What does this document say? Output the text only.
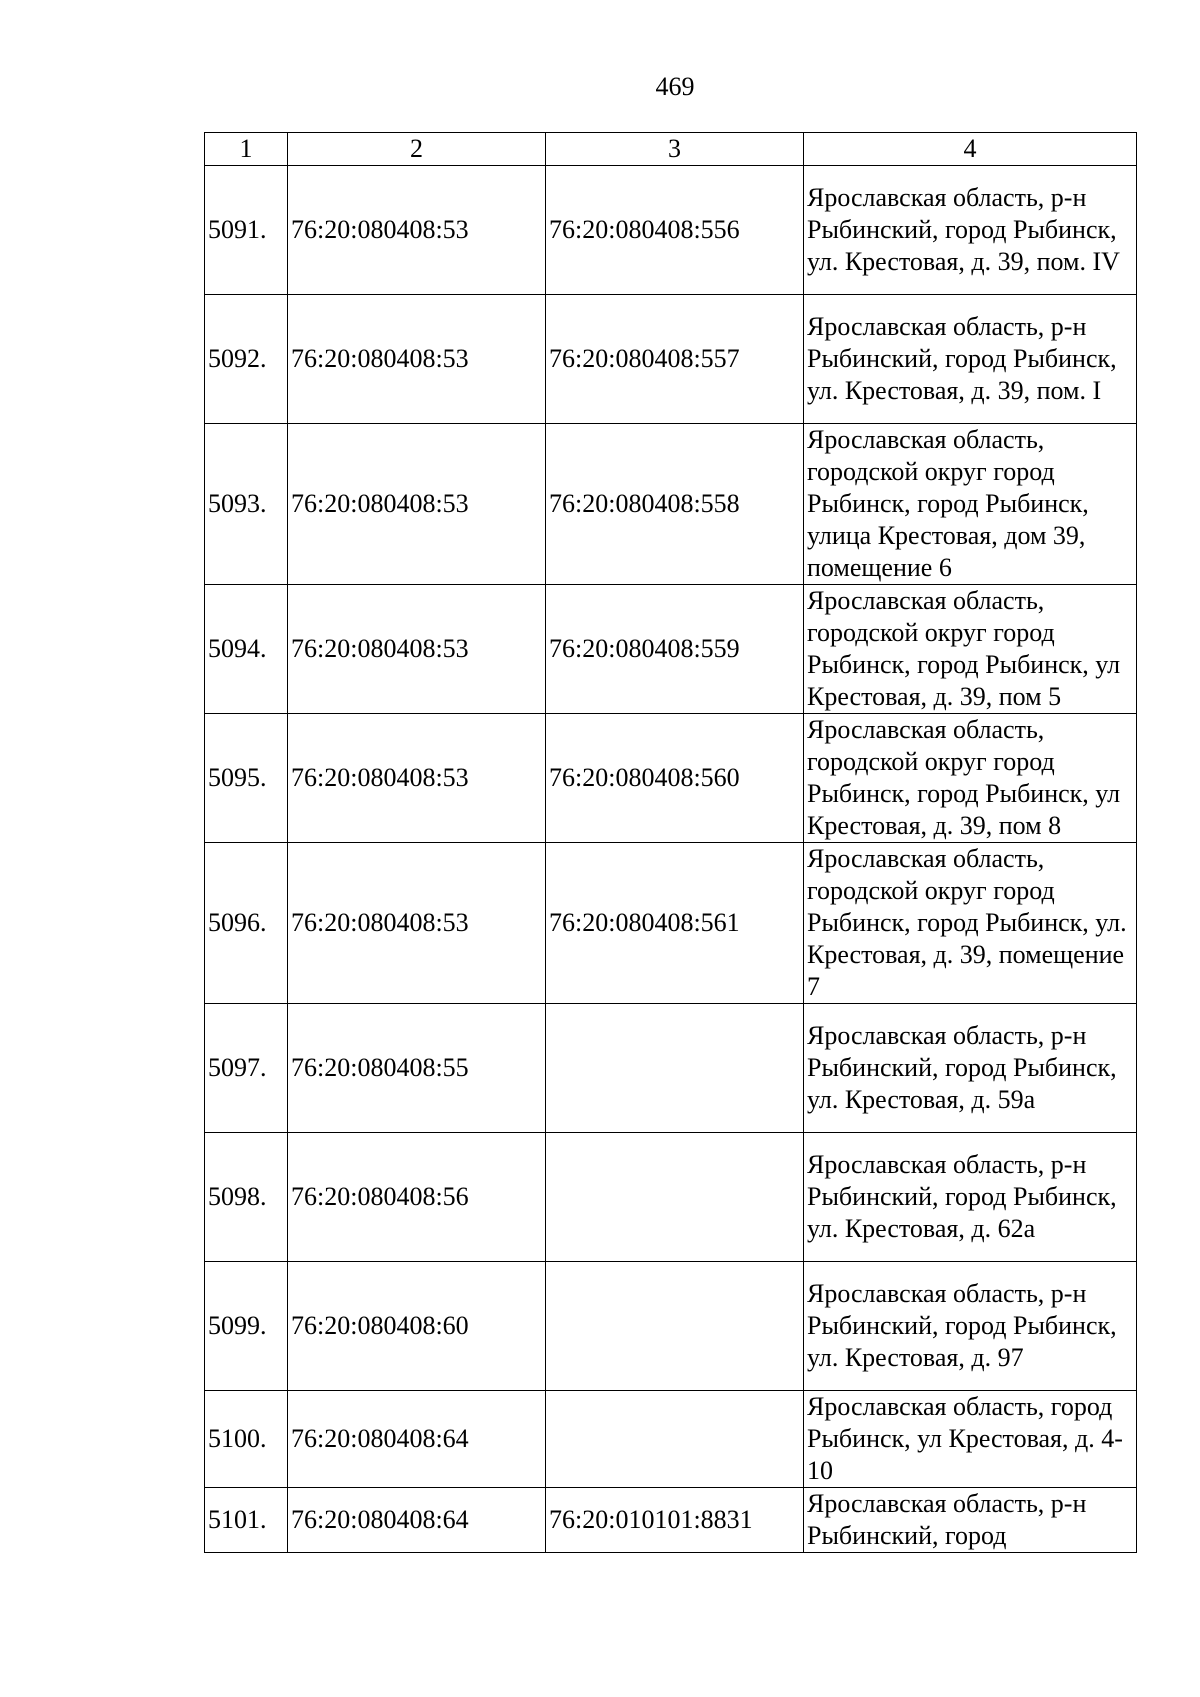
469
1	2	3	4
5091.	76:20:080408:53	76:20:080408:556	Ярославская область, р-н Рыбинский, город Рыбинск, ул. Крестовая, д. 39, пом. IV
5092.	76:20:080408:53	76:20:080408:557	Ярославская область, р-н Рыбинский, город Рыбинск, ул. Крестовая, д. 39, пом. I
5093.	76:20:080408:53	76:20:080408:558	Ярославская область, городской округ город Рыбинск, город Рыбинск, улица Крестовая, дом 39, помещение 6
5094.	76:20:080408:53	76:20:080408:559	Ярославская область, городской округ город Рыбинск, город Рыбинск, ул Крестовая, д. 39, пом 5
5095.	76:20:080408:53	76:20:080408:560	Ярославская область, городской округ город Рыбинск, город Рыбинск, ул Крестовая, д. 39, пом 8
5096.	76:20:080408:53	76:20:080408:561	Ярославская область, городской округ город Рыбинск, город Рыбинск, ул. Крестовая, д. 39, помещение 7
5097.	76:20:080408:55		Ярославская область, р-н Рыбинский, город Рыбинск, ул. Крестовая, д. 59а
5098.	76:20:080408:56		Ярославская область, р-н Рыбинский, город Рыбинск, ул. Крестовая, д. 62а
5099.	76:20:080408:60		Ярославская область, р-н Рыбинский, город Рыбинск, ул. Крестовая, д. 97
5100.	76:20:080408:64		Ярославская область, город Рыбинск, ул Крестовая, д. 4-10
5101.	76:20:080408:64	76:20:010101:8831	Ярославская область, р-н Рыбинский, город
